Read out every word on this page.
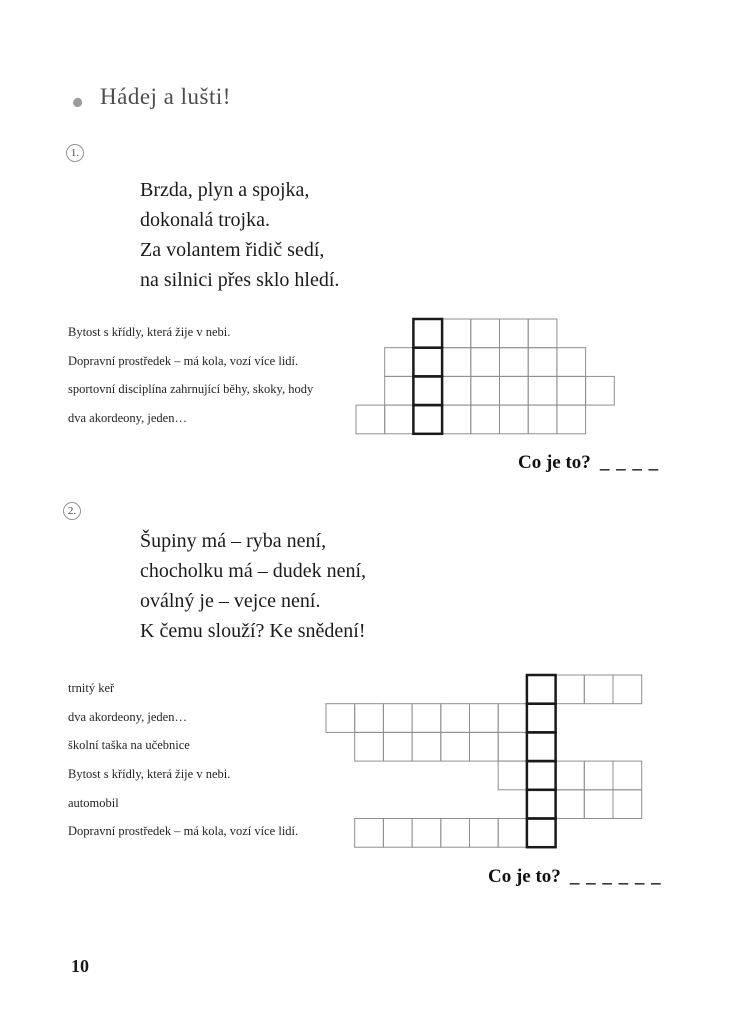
Hádej a lušti!
1.
Brzda, plyn a spojka,
dokonalá trojka.
Za volantem řidič sedí,
na silnici přes sklo hledí.
Bytost s křídly, která žije v nebi.
Dopravní prostředek – má kola, vozí více lidí.
sportovní disciplína zahrnující běhy, skoky, hody
dva akordeony, jeden…
Co je to? _ _ _ _
2.
Šupiny má – ryba není,
chocholku má – dudek není,
oválný je – vejce není.
K čemu slouží? Ke snědení!
trnitý keř
dva akordeony, jeden…
školní taška na učebnice
Bytost s křídly, která žije v nebi.
automobil
Dopravní prostředek – má kola, vozí více lidí.
Co je to? _ _ _ _ _ _
10
